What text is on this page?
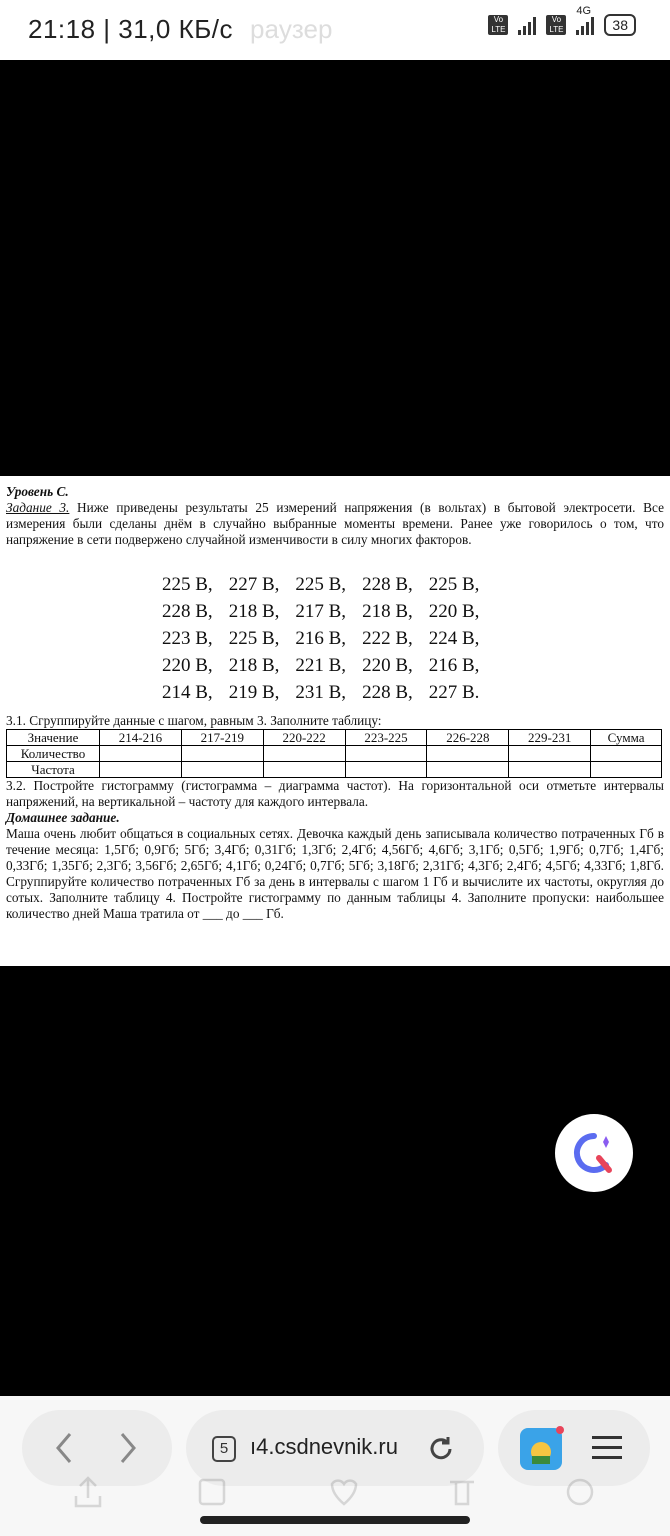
21:18 | 31,0 КБ/с рaузер	Vo
LTE
Vo
LTE
4G
38
Уровень С.
Задание 3. Ниже приведены результаты 25 измерений напряжения (в вольтах) в бытовой электросети. Все измерения были сделаны днём в случайно выбранные моменты времени. Ранее уже говорилось о том, что напряжение в сети подвержено случайной изменчивости в силу многих факторов.
225 В,	227 В,	225 В,	228 В,	225 В,
228 В,	218 В,	217 В,	218 В,	220 В,
223 В,	225 В,	216 В,	222 В,	224 В,
220 В,	218 В,	221 В,	220 В,	216 В,
214 В,	219 В,	231 В,	228 В,	227 В.
3.1. Сгруппируйте данные с шагом, равным 3. Заполните таблицу:
Значение	214-216	217-219	220-222	223-225	226-228	229-231	Сумма
Количество							
Частота							
3.2. Постройте гистограмму (гистограмма – диаграмма частот). На горизонтальной оси отметьте интервалы напряжений, на вертикальной – частоту для каждого интервала.
Домашнее задание.
Маша очень любит общаться в социальных сетях. Девочка каждый день записывала количество потраченных Гб в течение месяца: 1,5Гб; 0,9Гб; 5Гб; 3,4Гб; 0,31Гб; 1,3Гб; 2,4Гб; 4,56Гб; 4,6Гб; 3,1Гб; 0,5Гб; 1,9Гб; 0,7Гб; 1,4Гб; 0,33Гб; 1,35Гб; 2,3Гб; 3,56Гб; 2,65Гб; 4,1Гб; 0,24Гб; 0,7Гб; 5Гб; 3,18Гб; 2,31Гб; 4,3Гб; 2,4Гб; 4,5Гб; 4,33Гб; 1,8Гб. Сгруппируйте количество потраченных Гб за день в интервалы с шагом 1 Гб и вычислите их частоты, округляя до сотых. Заполните таблицу 4. Постройте гистограмму по данным таблицы 4. Заполните пропуски: наибольшее количество дней Маша тратила от ___ до ___ Гб.
5 ı4.csdnevnik.ru
